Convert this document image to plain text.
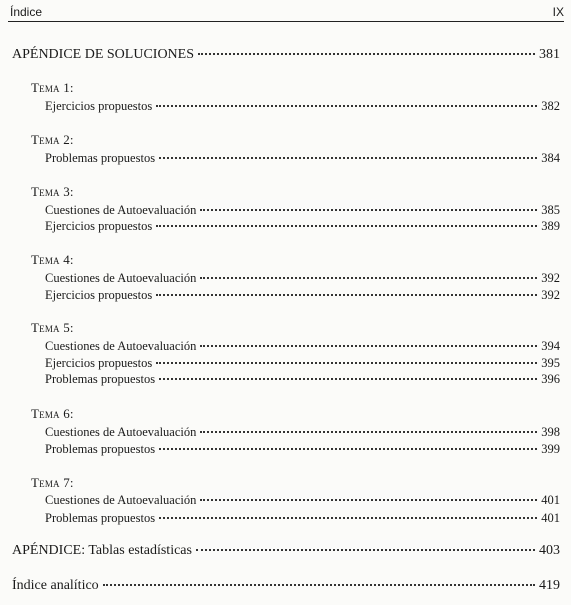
Índice	IX
APÉNDICE DE SOLUCIONES	381
Tema 1:
Ejercicios propuestos	382
Tema 2:
Problemas propuestos	384
Tema 3:
Cuestiones de Autoevaluación	385
Ejercicios propuestos	389
Tema 4:
Cuestiones de Autoevaluación	392
Ejercicios propuestos	392
Tema 5:
Cuestiones de Autoevaluación	394
Ejercicios propuestos	395
Problemas propuestos	396
Tema 6:
Cuestiones de Autoevaluación	398
Problemas propuestos	399
Tema 7:
Cuestiones de Autoevaluación	401
Problemas propuestos	401
APÉNDICE: Tablas estadísticas	403
Índice analítico	419
